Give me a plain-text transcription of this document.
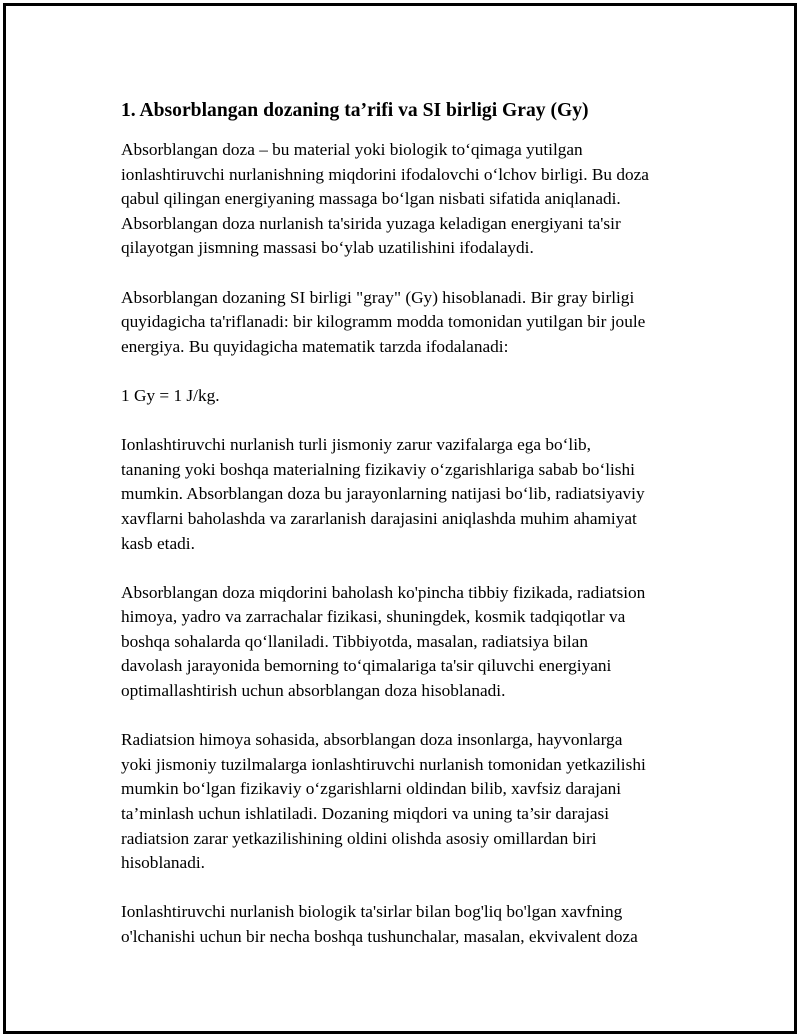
1. Absorblangan dozaning ta’rifi va SI birligi Gray (Gy)

Absorblangan doza – bu material yoki biologik to‘qimaga yutilgan
ionlashtiruvchi nurlanishning miqdorini ifodalovchi o‘lchov birligi. Bu doza
qabul qilingan energiyaning massaga bo‘lgan nisbati sifatida aniqlanadi.
Absorblangan doza nurlanish ta'sirida yuzaga keladigan energiyani ta'sir
qilayotgan jismning massasi bo‘ylab uzatilishini ifodalaydi.

Absorblangan dozaning SI birligi "gray" (Gy) hisoblanadi. Bir gray birligi
quyidagicha ta'riflanadi: bir kilogramm modda tomonidan yutilgan bir joule
energiya. Bu quyidagicha matematik tarzda ifodalanadi:

1 Gy = 1 J/kg.

Ionlashtiruvchi nurlanish turli jismoniy zarur vazifalarga ega bo‘lib,
tananing yoki boshqa materialning fizikaviy o‘zgarishlariga sabab bo‘lishi
mumkin. Absorblangan doza bu jarayonlarning natijasi bo‘lib, radiatsiyaviy
xavflarni baholashda va zararlanish darajasini aniqlashda muhim ahamiyat
kasb etadi.

Absorblangan doza miqdorini baholash ko'pincha tibbiy fizikada, radiatsion
himoya, yadro va zarrachalar fizikasi, shuningdek, kosmik tadqiqotlar va
boshqa sohalarda qo‘llaniladi. Tibbiyotda, masalan, radiatsiya bilan
davolash jarayonida bemorning to‘qimalariga ta'sir qiluvchi energiyani
optimallashtirish uchun absorblangan doza hisoblanadi.

Radiatsion himoya sohasida, absorblangan doza insonlarga, hayvonlarga
yoki jismoniy tuzilmalarga ionlashtiruvchi nurlanish tomonidan yetkazilishi
mumkin bo‘lgan fizikaviy o‘zgarishlarni oldindan bilib, xavfsiz darajani
ta’minlash uchun ishlatiladi. Dozaning miqdori va uning ta’sir darajasi
radiatsion zarar yetkazilishining oldini olishda asosiy omillardan biri
hisoblanadi.

Ionlashtiruvchi nurlanish biologik ta'sirlar bilan bog'liq bo'lgan xavfning
o'lchanishi uchun bir necha boshqa tushunchalar, masalan, ekvivalent doza
